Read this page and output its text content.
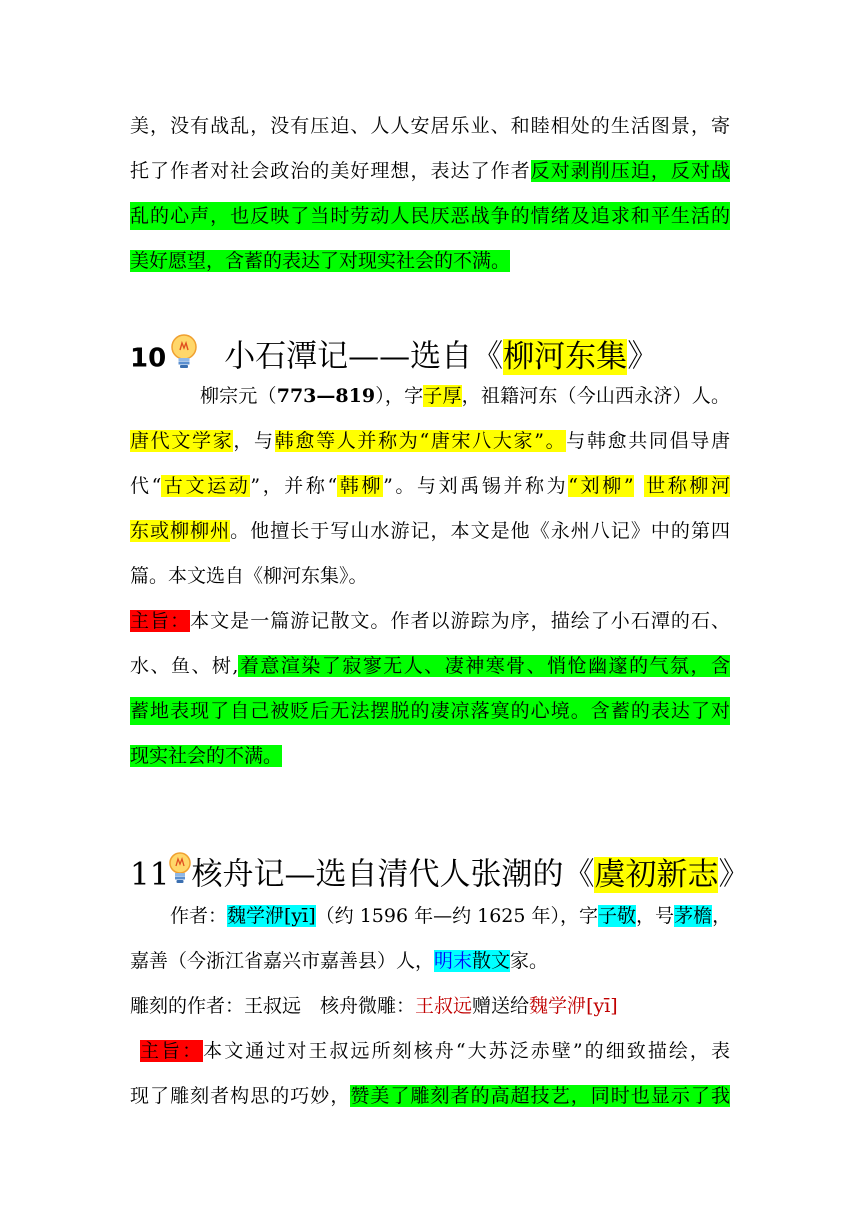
美，没有战乱，没有压迫、人人安居乐业、和睦相处的生活图景，寄
托了作者对社会政治的美好理想，表达了作者反对剥削压迫，反对战
乱的心声，也反映了当时劳动人民厌恶战争的情绪及追求和平生活的
美好愿望，含蓄的表达了对现实社会的不满。
10 小石潭记——选自《柳河东集》
柳宗元（773—819），字子厚，祖籍河东（今山西永济）人。
唐代文学家，与韩愈等人并称为“唐宋八大家”。与韩愈共同倡导唐
代“古文运动”，并称“韩柳”。与刘禹锡并称为“刘柳” 世称柳河
东或柳柳州。他擅长于写山水游记，本文是他《永州八记》中的第四
篇。本文选自《柳河东集》。
主旨：本文是一篇游记散文。作者以游踪为序，描绘了小石潭的石、
水、鱼、树,着意渲染了寂寥无人、凄神寒骨、悄怆幽邃的气氛，含
蓄地表现了自己被贬后无法摆脱的凄凉落寞的心境。含蓄的表达了对
现实社会的不满。
11 核舟记—选自清代人张潮的《虞初新志》
作者：魏学洢[yī]（约 1596 年—约 1625 年），字子敬，号茅檐，
嘉善（今浙江省嘉兴市嘉善县）人，明末散文家。
雕刻的作者：王叔远　核舟微雕：王叔远赠送给魏学洢[yī]
主旨：本文通过对王叔远所刻核舟“大苏泛赤壁”的细致描绘，表
现了雕刻者构思的巧妙，赞美了雕刻者的高超技艺，同时也显示了我
